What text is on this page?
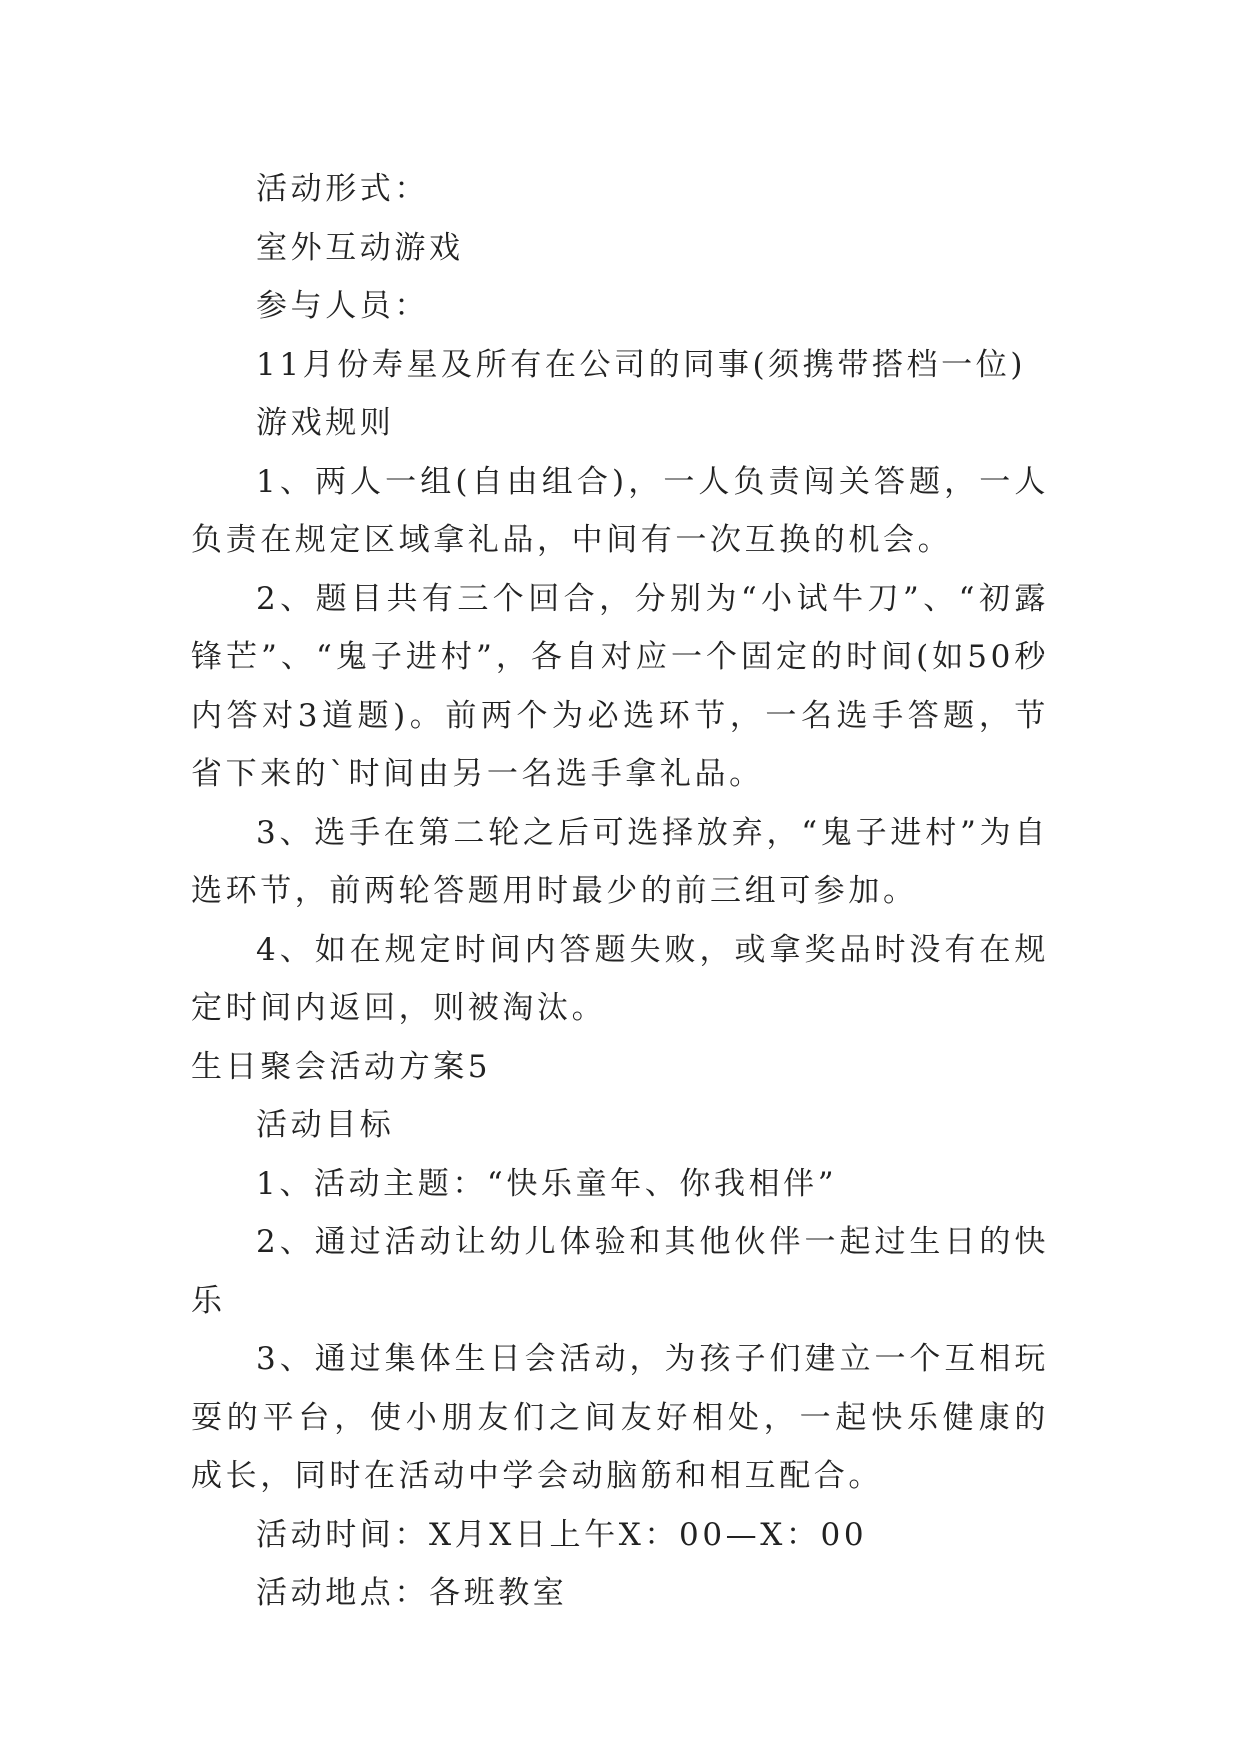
活动形式：

室外互动游戏

参与人员：

11月份寿星及所有在公司的同事(须携带搭档一位)

游戏规则

1、两人一组(自由组合)，一人负责闯关答题，一人负责在规定区域拿礼品，中间有一次互换的机会。

2、题目共有三个回合，分别为“小试牛刀”、“初露锋芒”、“鬼子进村”，各自对应一个固定的时间(如50秒内答对3道题)。前两个为必选环节，一名选手答题，节省下来的`时间由另一名选手拿礼品。

3、选手在第二轮之后可选择放弃，“鬼子进村”为自选环节，前两轮答题用时最少的前三组可参加。

4、如在规定时间内答题失败，或拿奖品时没有在规定时间内返回，则被淘汰。

生日聚会活动方案5

活动目标

1、活动主题：“快乐童年、你我相伴”

2、通过活动让幼儿体验和其他伙伴一起过生日的快乐

3、通过集体生日会活动，为孩子们建立一个互相玩耍的平台，使小朋友们之间友好相处，一起快乐健康的成长，同时在活动中学会动脑筋和相互配合。

活动时间：X月X日上午X：00—X：00

活动地点：各班教室
